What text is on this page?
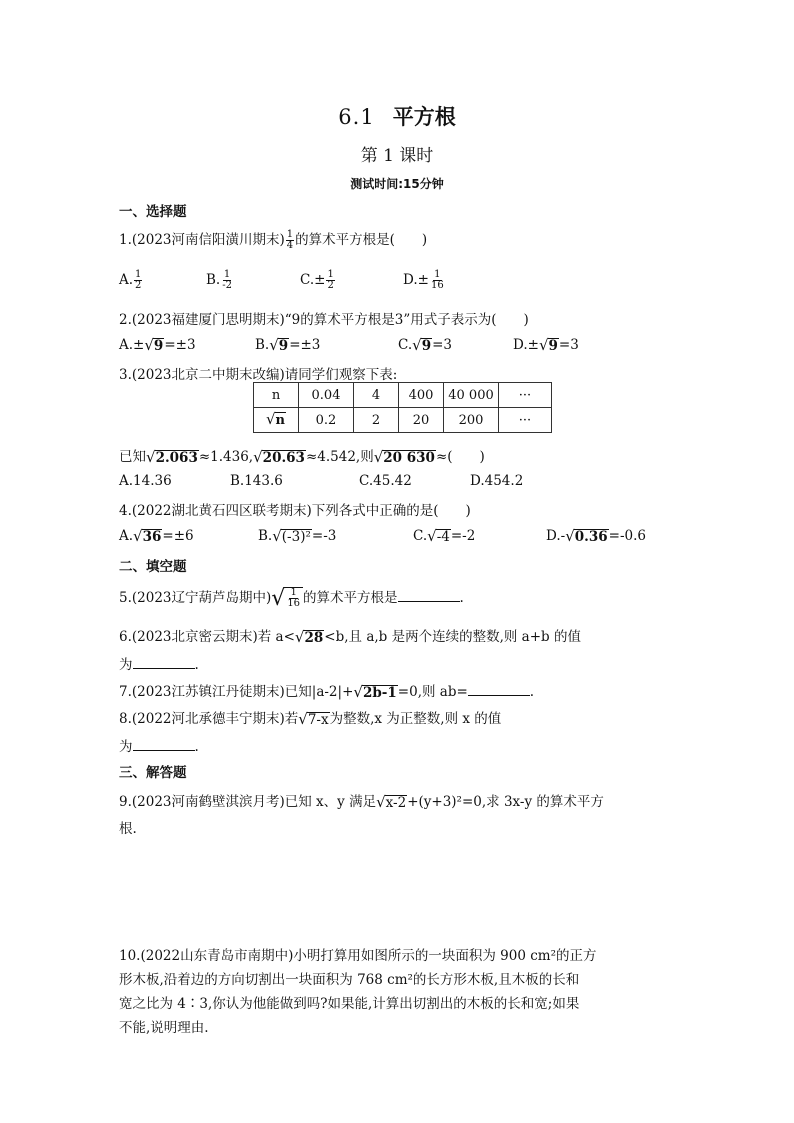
6.1 平方根
第 1 课时
测试时间:15分钟
一、选择题
1.(2023河南信阳潢川期末) $\frac{1}{4}$ 的算术平方根是(　　)
A. $\frac{1}{2}$	B. $\frac{1}{-2}$	$C.\pm \frac{1}{2}$	$D.\pm \frac{1}{16}$
2.(2023福建厦门思明期末)“9的算术平方根是3”用式子表示为(　　)
A.± √ 9 =±3	B. √ 9 =±3	C. √ 9 =3	D.± √ 9 =3
3.(2023北京二中期末改编)请同学们观察下表:
n	0.04	4	400	40 000	···

√ n	0.2	2	20	200	···
已知 √ 2.063 ≈1.436, √ 20.63 ≈4.542,则 √ 20 630 ≈(　　)
A.14.36	B.143.6	C.45.42	D.454.2
4.(2022湖北黄石四区联考期末)下列各式中正确的是(　　)
A. √ 36 =±6	B. √ (-3)² =-3	C. √ -4 =-2	D.- √ 0.36 =-0.6
二、填空题
5.(2023辽宁葫芦岛期中) √ $\frac{1}{16}$ 的算术平方根是	.
6.(2023北京密云期末)若 a< √ 28 <b,且 a,b 是两个连续的整数,则 a+b 的值
为	.
7.(2023江苏镇江丹徒期末)已知|a-2|+ √ 2b-1 =0,则 ab=	.
8.(2022河北承德丰宁期末)若 √ 7-x 为整数,x 为正整数,则 x 的值
为	.
三、解答题
9.(2023河南鹤壁淇滨月考)已知 x、y 满足 √ x-2 +(y+3)²=0,求 3x-y 的算术平方
根.
10.(2022山东青岛市南期中)小明打算用如图所示的一块面积为 900 cm²的正方
形木板,沿着边的方向切割出一块面积为 768 cm²的长方形木板,且木板的长和
宽之比为 4∶3,你认为他能做到吗?如果能,计算出切割出的木板的长和宽;如果
不能,说明理由.
